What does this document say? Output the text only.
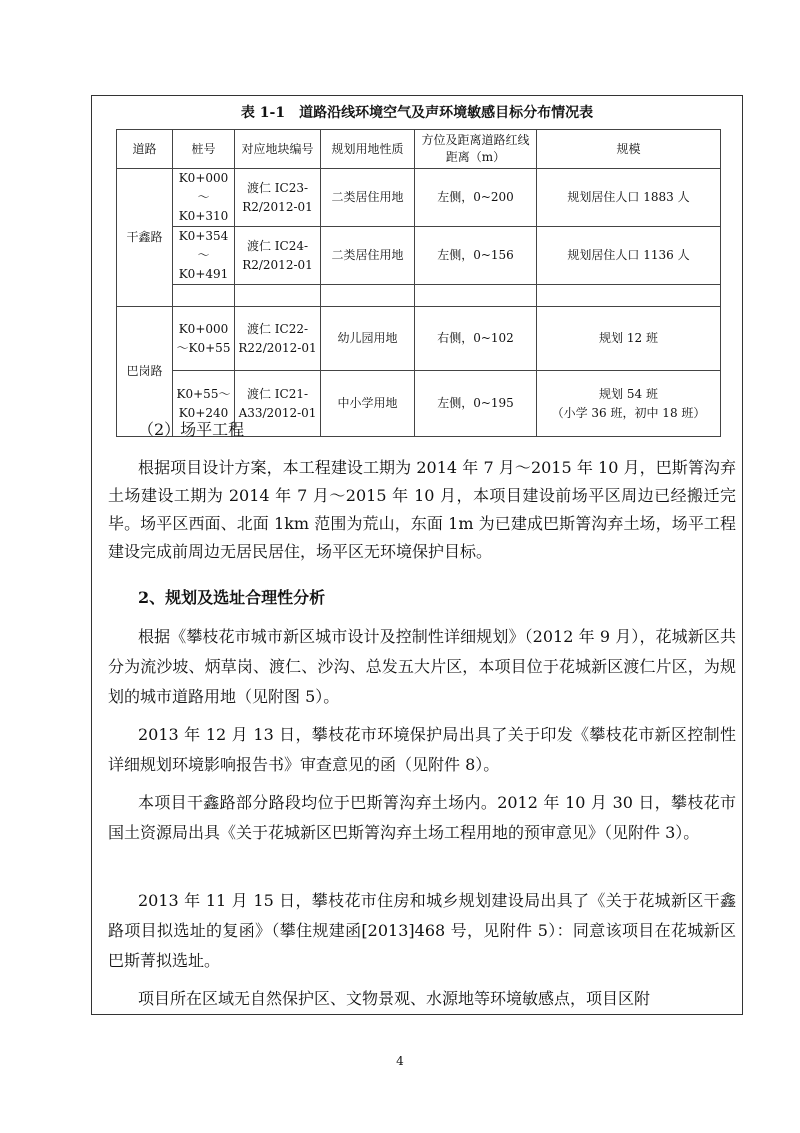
表 1-1　道路沿线环境空气及声环境敏感目标分布情况表
道路	桩号	对应地块编号	规划用地性质	方位及距离道路红线距离（m）	规模
干鑫路	K0+000～K0+310	渡仁 IC23-R2/2012-01	二类居住用地	左侧，0~200	规划居住人口 1883 人
	K0+354～K0+491	渡仁 IC24-R2/2012-01	二类居住用地	左侧，0~156	规划居住人口 1136 人

巴岗路	K0+000～K0+55	渡仁 IC22-R22/2012-01	幼儿园用地	右侧，0~102	规划 12 班
	K0+55～K0+240	渡仁 IC21-A33/2012-01	中小学用地	左侧，0~195	规划 54 班
（小学 36 班，初中 18 班）
（2）场平工程
根据项目设计方案，本工程建设工期为 2014 年 7 月～2015 年 10 月，巴斯箐沟弃土场建设工期为 2014 年 7 月～2015 年 10 月，本项目建设前场平区周边已经搬迁完毕。场平区西面、北面 1km 范围为荒山，东面 1m 为已建成巴斯箐沟弃土场，场平工程建设完成前周边无居民居住，场平区无环境保护目标。
2、规划及选址合理性分析
根据《攀枝花市城市新区城市设计及控制性详细规划》（2012 年 9 月），花城新区共分为流沙坡、炳草岗、渡仁、沙沟、总发五大片区，本项目位于花城新区渡仁片区，为规划的城市道路用地（见附图 5）。
2013 年 12 月 13 日，攀枝花市环境保护局出具了关于印发《攀枝花市新区控制性详细规划环境影响报告书》审查意见的函（见附件 8）。
本项目干鑫路部分路段均位于巴斯箐沟弃土场内。2012 年 10 月 30 日，攀枝花市国土资源局出具《关于花城新区巴斯箐沟弃土场工程用地的预审意见》（见附件 3）。
2013 年 11 月 15 日，攀枝花市住房和城乡规划建设局出具了《关于花城新区干鑫路项目拟选址的复函》（攀住规建函[2013]468 号，见附件 5）：同意该项目在花城新区巴斯菁拟选址。
项目所在区域无自然保护区、文物景观、水源地等环境敏感点，项目区附
4
